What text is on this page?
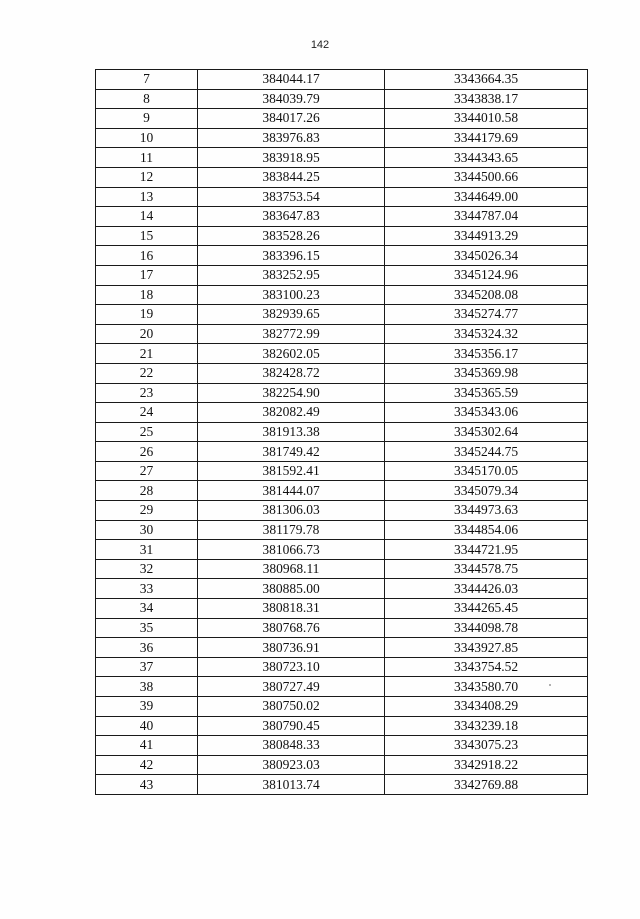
142
7	384044.17	3343664.35
8	384039.79	3343838.17
9	384017.26	3344010.58
10	383976.83	3344179.69
11	383918.95	3344343.65
12	383844.25	3344500.66
13	383753.54	3344649.00
14	383647.83	3344787.04
15	383528.26	3344913.29
16	383396.15	3345026.34
17	383252.95	3345124.96
18	383100.23	3345208.08
19	382939.65	3345274.77
20	382772.99	3345324.32
21	382602.05	3345356.17
22	382428.72	3345369.98
23	382254.90	3345365.59
24	382082.49	3345343.06
25	381913.38	3345302.64
26	381749.42	3345244.75
27	381592.41	3345170.05
28	381444.07	3345079.34
29	381306.03	3344973.63
30	381179.78	3344854.06
31	381066.73	3344721.95
32	380968.11	3344578.75
33	380885.00	3344426.03
34	380818.31	3344265.45
35	380768.76	3344098.78
36	380736.91	3343927.85
37	380723.10	3343754.52
38	380727.49	3343580.70
39	380750.02	3343408.29
40	380790.45	3343239.18
41	380848.33	3343075.23
42	380923.03	3342918.22
43	381013.74	3342769.88
